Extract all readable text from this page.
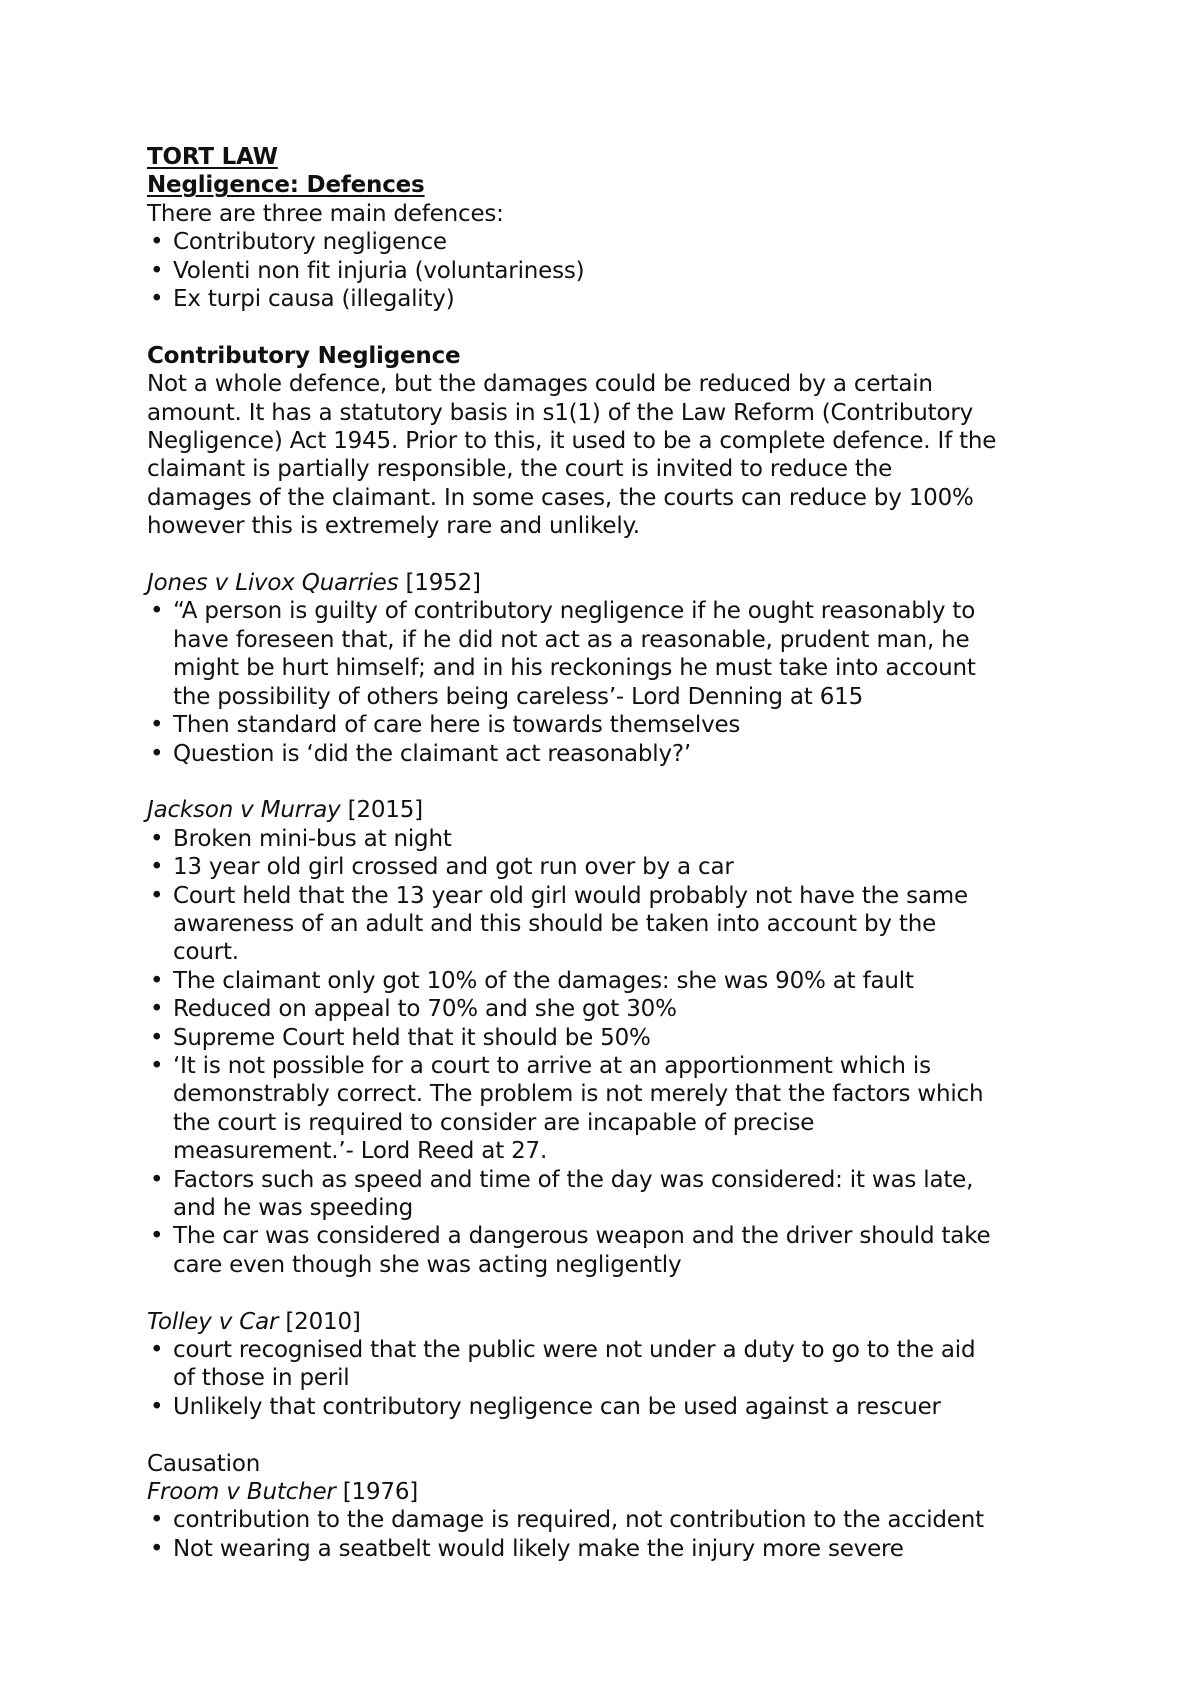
TORT LAW
Negligence: Defences
There are three main defences:
• Contributory negligence
• Volenti non fit injuria (voluntariness)
• Ex turpi causa (illegality)
Contributory Negligence
Not a whole defence, but the damages could be reduced by a certain
amount. It has a statutory basis in s1(1) of the Law Reform (Contributory
Negligence) Act 1945. Prior to this, it used to be a complete defence. If the
claimant is partially responsible, the court is invited to reduce the
damages of the claimant. In some cases, the courts can reduce by 100%
however this is extremely rare and unlikely.
Jones v Livox Quarries [1952]
• “A person is guilty of contributory negligence if he ought reasonably to
have foreseen that, if he did not act as a reasonable, prudent man, he
might be hurt himself; and in his reckonings he must take into account
the possibility of others being careless’- Lord Denning at 615
• Then standard of care here is towards themselves
• Question is ‘did the claimant act reasonably?’
Jackson v Murray [2015]
• Broken mini-bus at night
• 13 year old girl crossed and got run over by a car
• Court held that the 13 year old girl would probably not have the same
awareness of an adult and this should be taken into account by the
court.
• The claimant only got 10% of the damages: she was 90% at fault
• Reduced on appeal to 70% and she got 30%
• Supreme Court held that it should be 50%
• ‘It is not possible for a court to arrive at an apportionment which is
demonstrably correct. The problem is not merely that the factors which
the court is required to consider are incapable of precise
measurement.’- Lord Reed at 27.
• Factors such as speed and time of the day was considered: it was late,
and he was speeding
• The car was considered a dangerous weapon and the driver should take
care even though she was acting negligently
Tolley v Car [2010]
• court recognised that the public were not under a duty to go to the aid
of those in peril
• Unlikely that contributory negligence can be used against a rescuer
Causation
Froom v Butcher [1976]
• contribution to the damage is required, not contribution to the accident
• Not wearing a seatbelt would likely make the injury more severe
